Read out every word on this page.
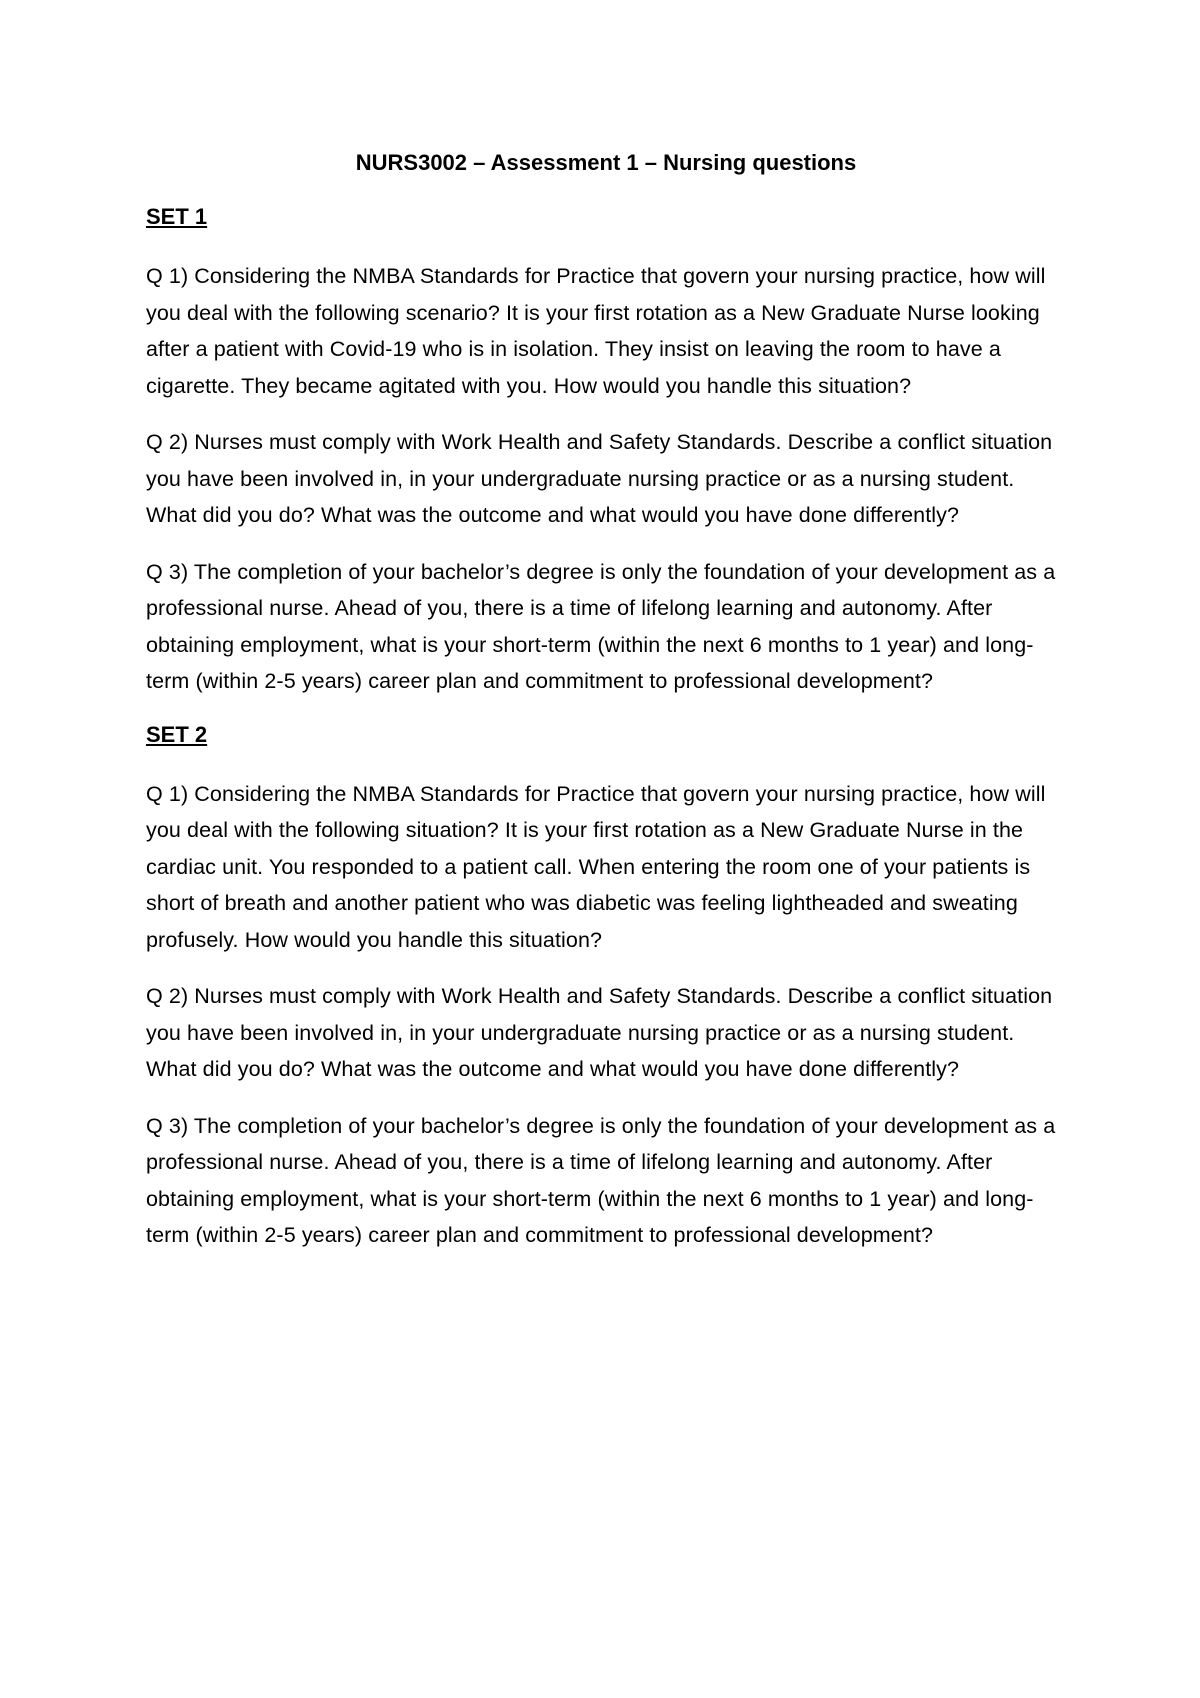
NURS3002 – Assessment 1 – Nursing questions
SET 1

Q 1) Considering the NMBA Standards for Practice that govern your nursing practice, how will you deal with the following scenario? It is your first rotation as a New Graduate Nurse looking after a patient with Covid-19 who is in isolation. They insist on leaving the room to have a cigarette. They became agitated with you. How would you handle this situation?

Q 2) Nurses must comply with Work Health and Safety Standards. Describe a conflict situation you have been involved in, in your undergraduate nursing practice or as a nursing student. What did you do? What was the outcome and what would you have done differently?

Q 3) The completion of your bachelor’s degree is only the foundation of your development as a professional nurse. Ahead of you, there is a time of lifelong learning and autonomy. After obtaining employment, what is your short-term (within the next 6 months to 1 year) and long-term (within 2-5 years) career plan and commitment to professional development?

SET 2

Q 1) Considering the NMBA Standards for Practice that govern your nursing practice, how will you deal with the following situation? It is your first rotation as a New Graduate Nurse in the cardiac unit. You responded to a patient call. When entering the room one of your patients is short of breath and another patient who was diabetic was feeling lightheaded and sweating profusely. How would you handle this situation?

Q 2) Nurses must comply with Work Health and Safety Standards. Describe a conflict situation you have been involved in, in your undergraduate nursing practice or as a nursing student. What did you do? What was the outcome and what would you have done differently?

Q 3) The completion of your bachelor’s degree is only the foundation of your development as a professional nurse. Ahead of you, there is a time of lifelong learning and autonomy. After obtaining employment, what is your short-term (within the next 6 months to 1 year) and long-term (within 2-5 years) career plan and commitment to professional development?
